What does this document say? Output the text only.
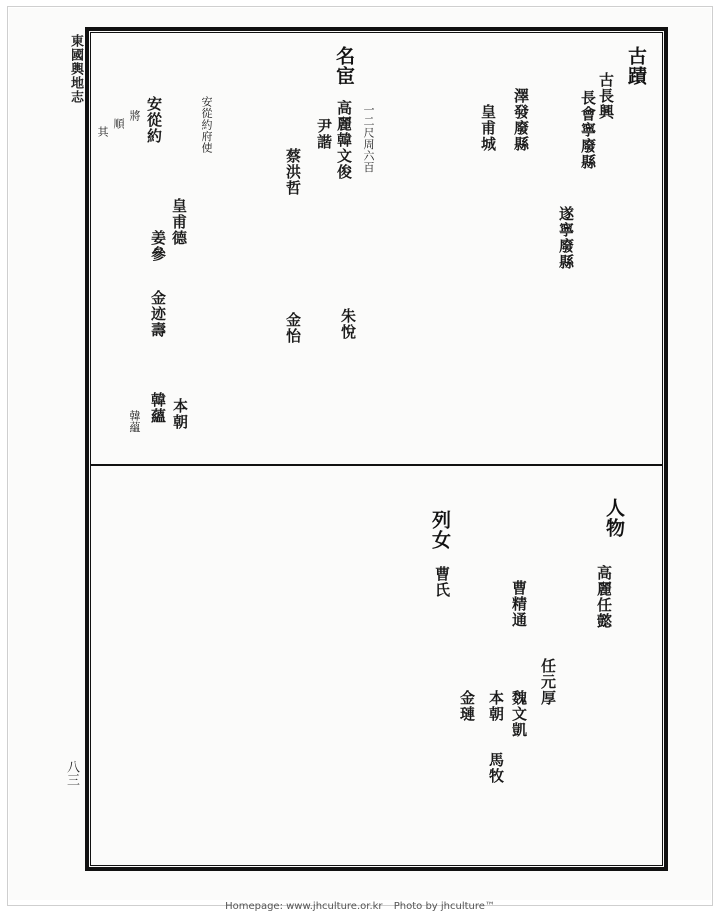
東國輿地志
八三
古蹟
古長興
長會寧廢縣
遂寧廢縣
澤發廢縣
皇甫城
一二尺周六百
名宦
高麗韓文俊
尹諧
朱悅
蔡洪哲
金怡
皇甫德
本朝
安從約
姜參
金迹壽
韓蘊
將
順
其	安從約府使
韓蘊
人物
高麗任懿
任元厚
曹精通
魏文凱
本朝
馬牧
金璉
列女
曹氏
Homepage: www.jhculture.or.kr Photo by jhculture™
